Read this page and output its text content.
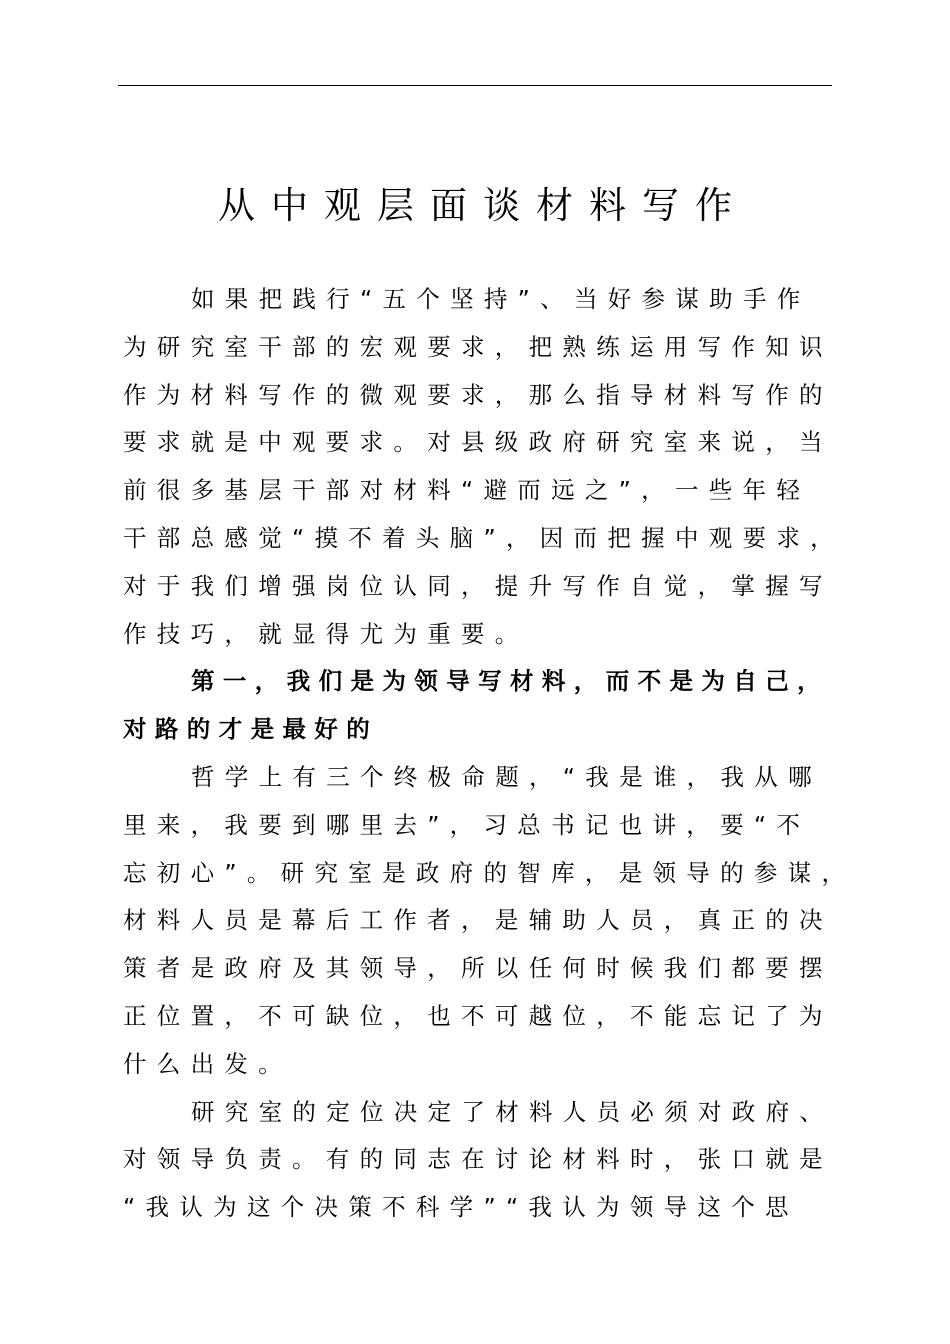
从中观层面谈材料写作
如果把践行“五个坚持”、当好参谋助手作
为研究室干部的宏观要求，把熟练运用写作知识
作为材料写作的微观要求，那么指导材料写作的
要求就是中观要求。对县级政府研究室来说，当
前很多基层干部对材料“避而远之”，一些年轻
干部总感觉“摸不着头脑”，因而把握中观要求，
对于我们增强岗位认同，提升写作自觉，掌握写
作技巧，就显得尤为重要。
第一，我们是为领导写材料，而不是为自己，
对路的才是最好的
哲学上有三个终极命题，“我是谁，我从哪
里来，我要到哪里去”，习总书记也讲，要“不
忘初心”。研究室是政府的智库，是领导的参谋，
材料人员是幕后工作者，是辅助人员，真正的决
策者是政府及其领导，所以任何时候我们都要摆
正位置，不可缺位，也不可越位，不能忘记了为
什么出发。
研究室的定位决定了材料人员必须对政府、
对领导负责。有的同志在讨论材料时，张口就是
“我认为这个决策不科学”“我认为领导这个思
